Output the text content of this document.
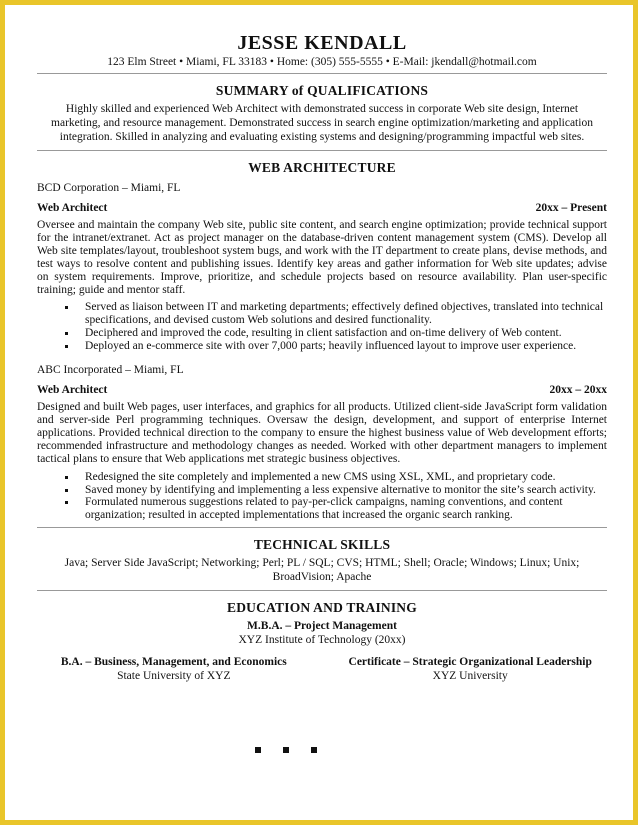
JESSE KENDALL
123 Elm Street • Miami, FL 33183 • Home: (305) 555-5555 • E-Mail: jkendall@hotmail.com
SUMMARY of QUALIFICATIONS
Highly skilled and experienced Web Architect with demonstrated success in corporate Web site design, Internet
marketing, and resource management. Demonstrated success in search engine optimization/marketing and application
integration. Skilled in analyzing and evaluating existing systems and designing/programming impactful web sites.
WEB ARCHITECTURE
BCD Corporation – Miami, FL
Web Architect	20xx – Present
Oversee and maintain the company Web site, public site content, and search engine optimization; provide technical support for the intranet/extranet. Act as project manager on the database-driven content management system (CMS). Develop all Web site templates/layout, troubleshoot system bugs, and work with the IT department to create plans, devise methods, and test ways to resolve content and publishing issues. Identify key areas and gather information for Web site updates; advise on system requirements. Improve, prioritize, and schedule projects based on resource availability. Plan user-specific training; guide and mentor staff.
Served as liaison between IT and marketing departments; effectively defined objectives, translated into technical specifications, and devised custom Web solutions and desired functionality.
Deciphered and improved the code, resulting in client satisfaction and on-time delivery of Web content.
Deployed an e-commerce site with over 7,000 parts; heavily influenced layout to improve user experience.
ABC Incorporated – Miami, FL
Web Architect	20xx – 20xx
Designed and built Web pages, user interfaces, and graphics for all products. Utilized client-side JavaScript form validation and server-side Perl programming techniques. Oversaw the design, development, and support of enterprise Internet applications. Provided technical direction to the company to ensure the highest business value of Web development efforts; recommended infrastructure and methodology changes as needed. Worked with other department managers to implement tactical plans to ensure that Web applications met strategic business objectives.
Redesigned the site completely and implemented a new CMS using XSL, XML, and proprietary code.
Saved money by identifying and implementing a less expensive alternative to monitor the site’s search activity.
Formulated numerous suggestions related to pay-per-click campaigns, naming conventions, and content organization; resulted in accepted implementations that increased the organic search ranking.
TECHNICAL SKILLS
Java; Server Side JavaScript; Networking; Perl; PL / SQL; CVS; HTML; Shell; Oracle; Windows; Linux; Unix;
BroadVision; Apache
EDUCATION AND TRAINING
M.B.A. – Project Management
XYZ Institute of Technology (20xx)
B.A. – Business, Management, and Economics
State University of XYZ
Certificate – Strategic Organizational Leadership
XYZ University
